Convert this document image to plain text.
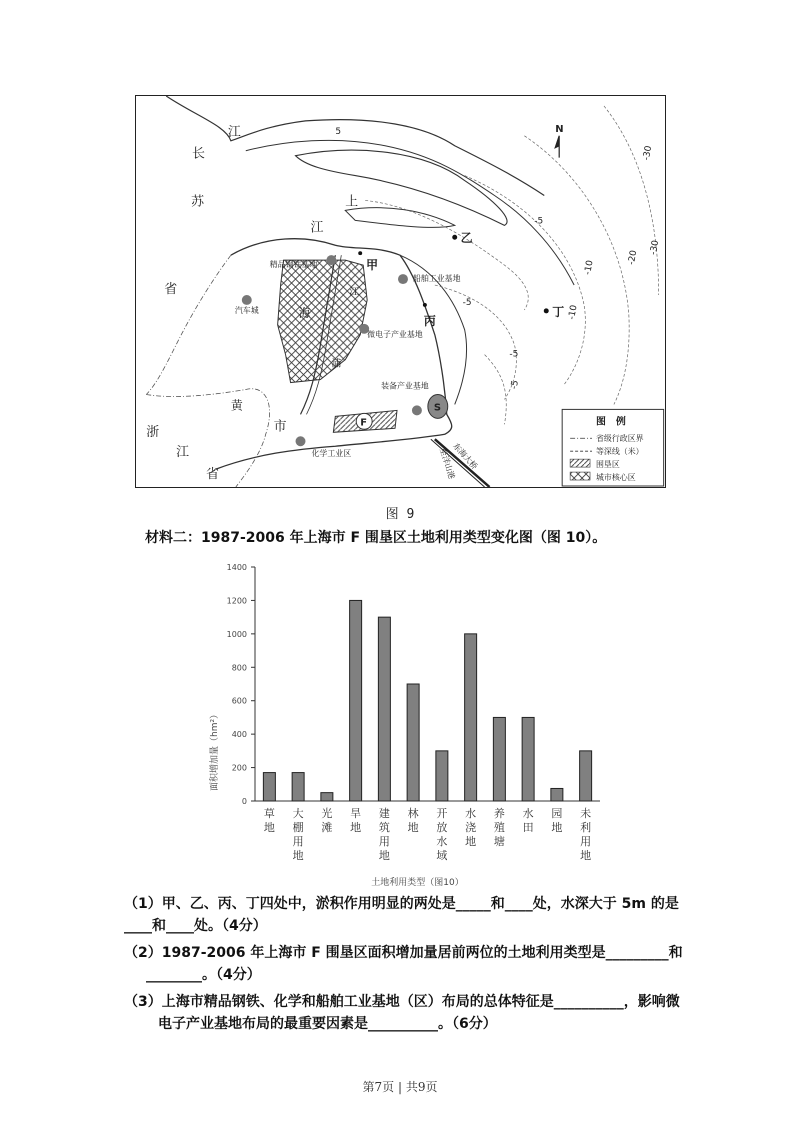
F
S
东海大桥
至洋山港
江
长
苏
江
省
上
海
浦
江
黄
市
浙
江
省
乙
甲
丙
丁
精品钢铁基地
船舶工业基地
汽车城
微电子产业基地
装备产业基地
化学工业区
5
-5
-5
-5
-10
-10
-20
-30
-30
-5
N
图　例
省级行政区界
等深线（米）
围垦区
城市核心区
图 9
材料二：1987-2006 年上海市 F 围垦区土地利用类型变化图（图 10）。
0
200
400
600
800
1000
1200
1400
面积增加量（hm²）
草
地
大
棚
用
地
光
滩
旱
地
建
筑
用
地
林
地
开
放
水
域
水
浇
地
养
殖
塘
水
田
园
地
未
利
用
地
土地利用类型（图10）
（1）甲、乙、丙、丁四处中，淤积作用明显的两处是_____和____处，水深大于 5m 的是
____和____处。（4分）
（2）1987-2006 年上海市 F 围垦区面积增加量居前两位的土地利用类型是_________和
________。（4分）
（3）上海市精品钢铁、化学和船舶工业基地（区）布局的总体特征是__________，影响微
电子产业基地布局的最重要因素是__________。（6分）
第7页 | 共9页
